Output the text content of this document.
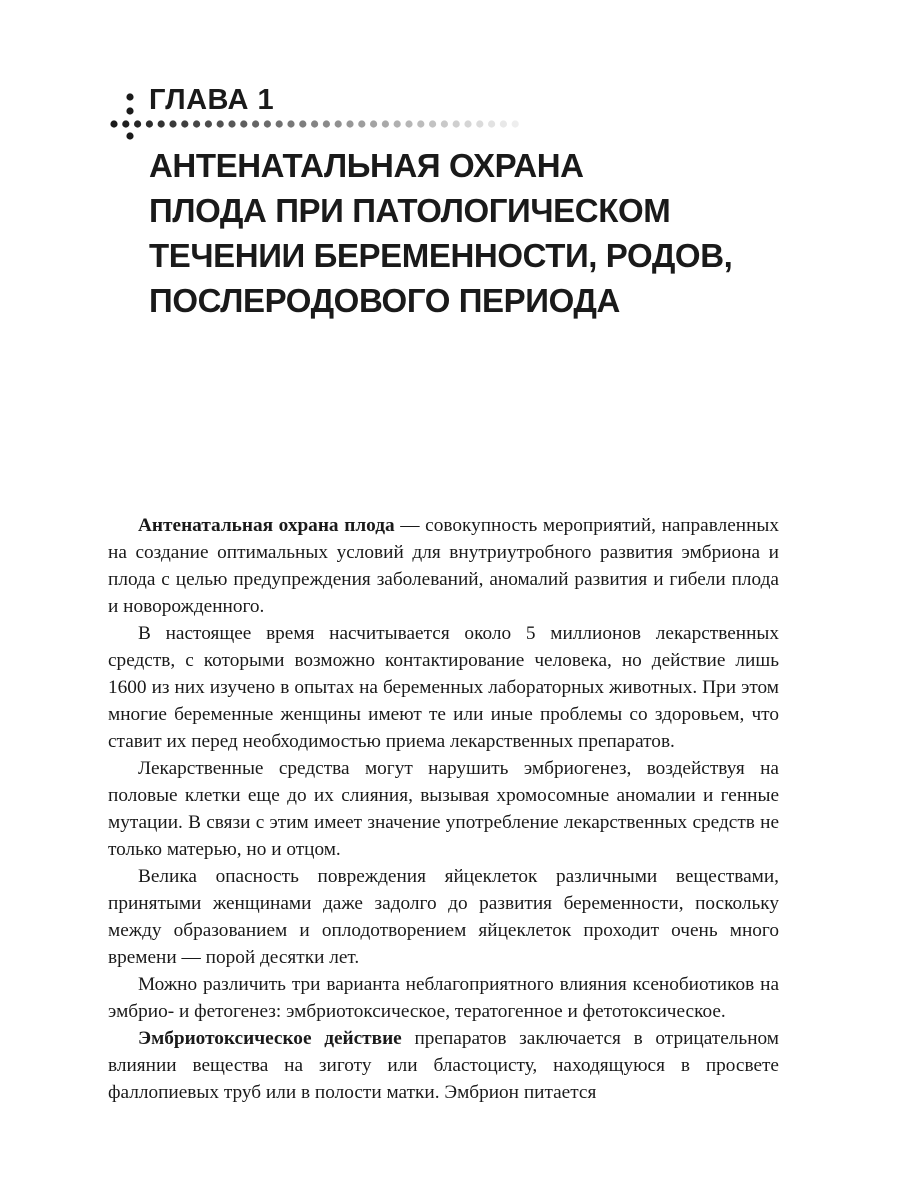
ГЛАВА 1
АНТЕНАТАЛЬНАЯ ОХРАНА
ПЛОДА ПРИ ПАТОЛОГИЧЕСКОМ
ТЕЧЕНИИ БЕРЕМЕННОСТИ, РОДОВ,
ПОСЛЕРОДОВОГО ПЕРИОДА

Антенатальная охрана плода — совокупность мероприятий, направленных на создание оптимальных условий для внутриутробного развития эмбриона и плода с целью предупреждения заболеваний, аномалий развития и гибели плода и новорожденного.

В настоящее время насчитывается около 5 миллионов лекарственных средств, с которыми возможно контактирование человека, но действие лишь 1600 из них изучено в опытах на беременных лабораторных животных. При этом многие беременные женщины имеют те или иные проблемы со здоровьем, что ставит их перед необходимостью приема лекарственных препаратов.

Лекарственные средства могут нарушить эмбриогенез, воздействуя на половые клетки еще до их слияния, вызывая хромосомные аномалии и генные мутации. В связи с этим имеет значение употребление лекарственных средств не только матерью, но и отцом.

Велика опасность повреждения яйцеклеток различными веществами, принятыми женщинами даже задолго до развития беременности, поскольку между образованием и оплодотворением яйцеклеток проходит очень много времени — порой десятки лет.

Можно различить три варианта неблагоприятного влияния ксенобиотиков на эмбрио- и фетогенез: эмбриотоксическое, тератогенное и фетотоксическое.

Эмбриотоксическое действие препаратов заключается в отрицательном влиянии вещества на зиготу или бластоцисту, находящуюся в просвете фаллопиевых труб или в полости матки. Эмбрион питается
